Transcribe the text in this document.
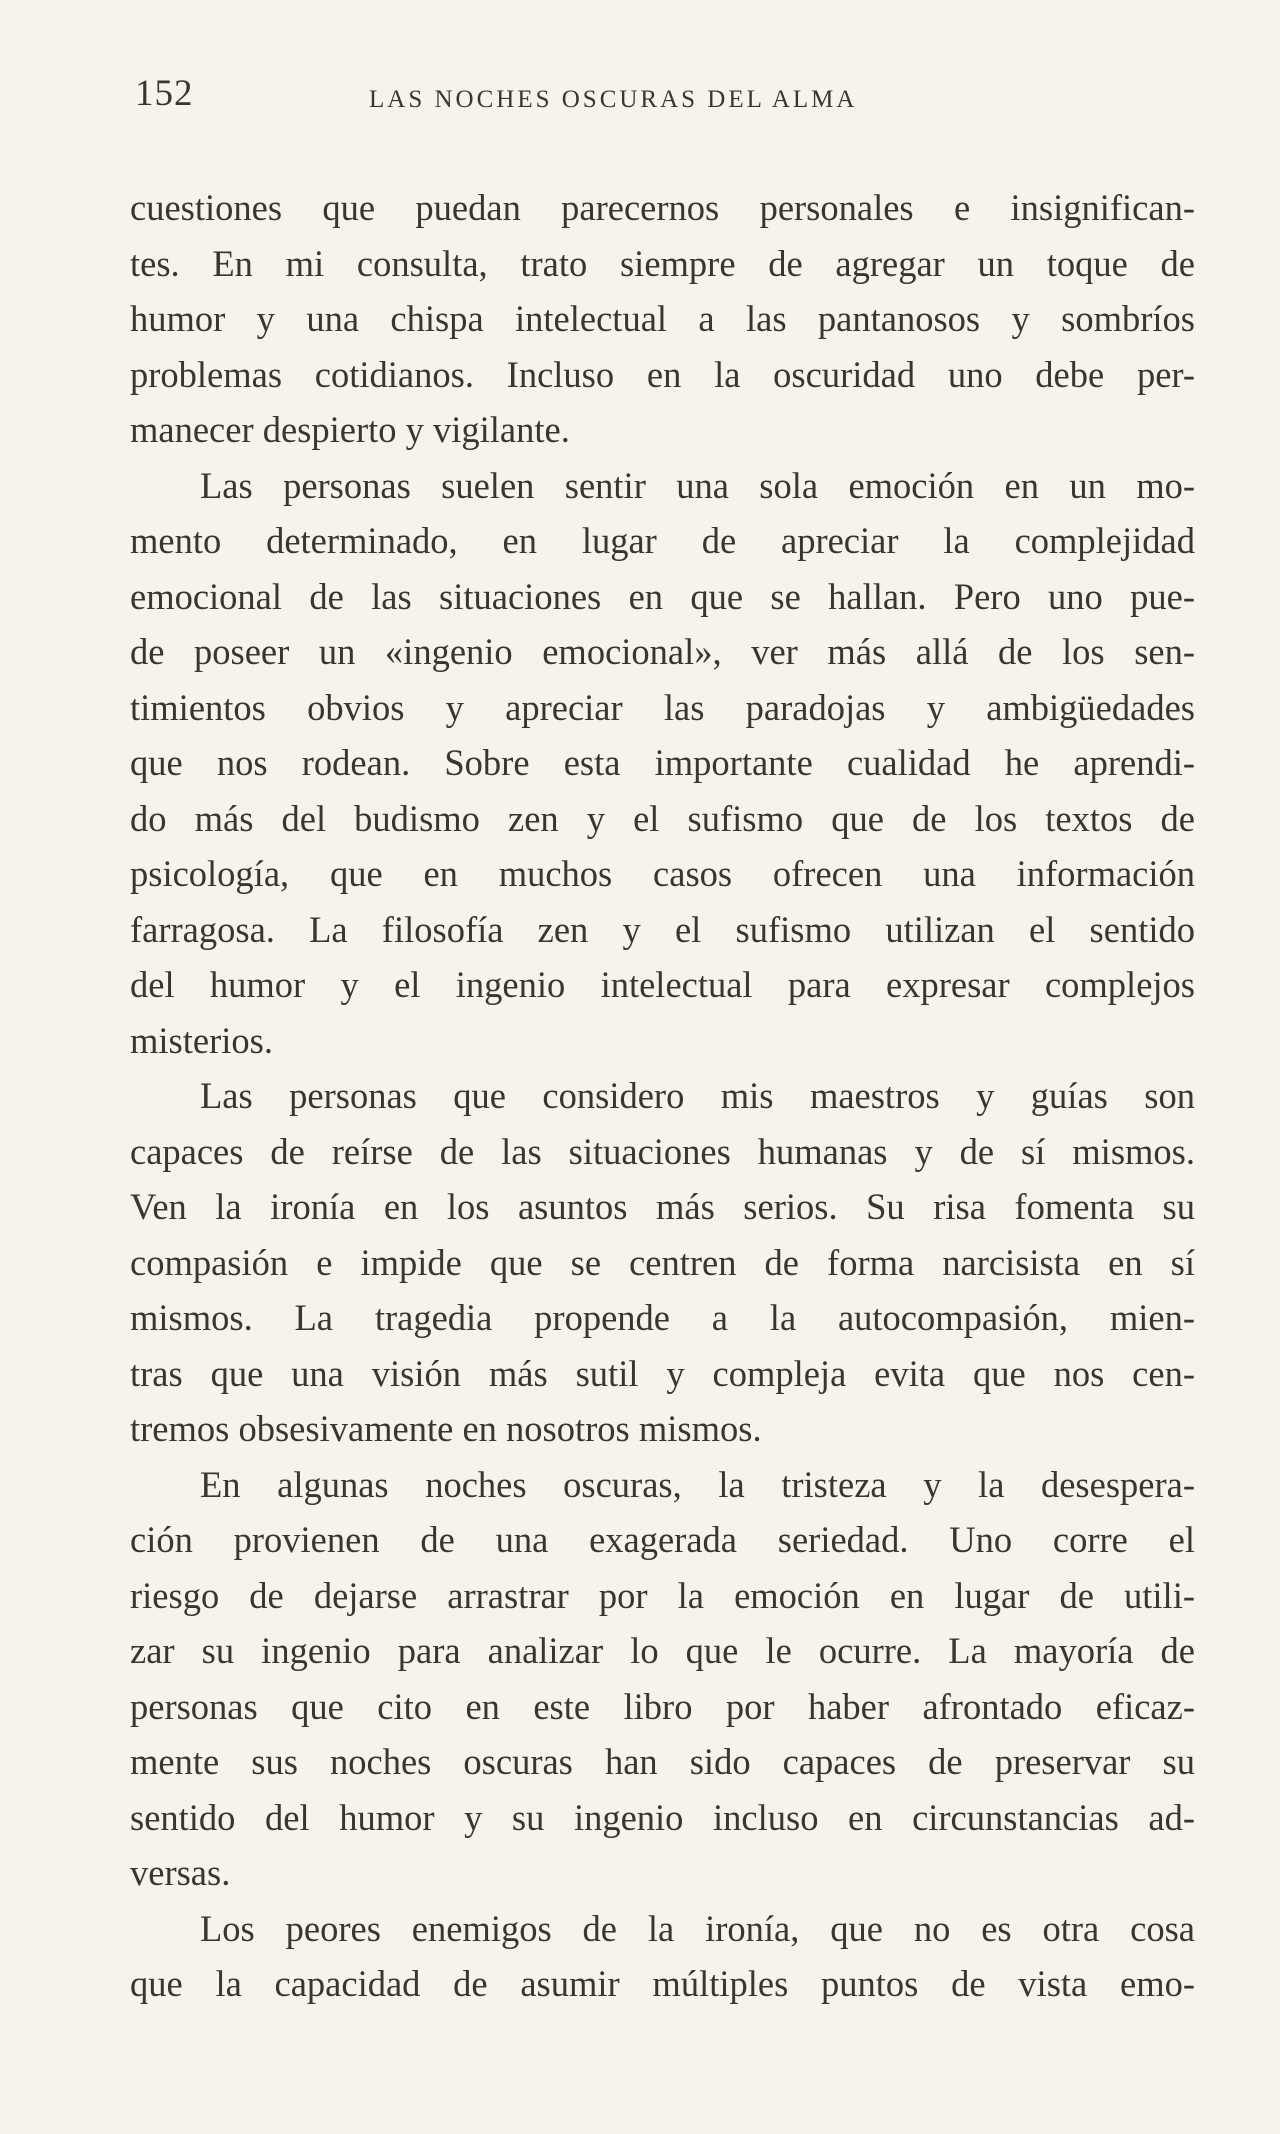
152	LAS NOCHES OSCURAS DEL ALMA
cuestiones que puedan parecernos personales e insignifican-
tes. En mi consulta, trato siempre de agregar un toque de
humor y una chispa intelectual a las pantanosos y sombríos
problemas cotidianos. Incluso en la oscuridad uno debe per-
manecer despierto y vigilante.
Las personas suelen sentir una sola emoción en un mo-
mento determinado, en lugar de apreciar la complejidad
emocional de las situaciones en que se hallan. Pero uno pue-
de poseer un «ingenio emocional», ver más allá de los sen-
timientos obvios y apreciar las paradojas y ambigüedades
que nos rodean. Sobre esta importante cualidad he aprendi-
do más del budismo zen y el sufismo que de los textos de
psicología, que en muchos casos ofrecen una información
farragosa. La filosofía zen y el sufismo utilizan el sentido
del humor y el ingenio intelectual para expresar complejos
misterios.
Las personas que considero mis maestros y guías son
capaces de reírse de las situaciones humanas y de sí mismos.
Ven la ironía en los asuntos más serios. Su risa fomenta su
compasión e impide que se centren de forma narcisista en sí
mismos. La tragedia propende a la autocompasión, mien-
tras que una visión más sutil y compleja evita que nos cen-
tremos obsesivamente en nosotros mismos.
En algunas noches oscuras, la tristeza y la desespera-
ción provienen de una exagerada seriedad. Uno corre el
riesgo de dejarse arrastrar por la emoción en lugar de utili-
zar su ingenio para analizar lo que le ocurre. La mayoría de
personas que cito en este libro por haber afrontado eficaz-
mente sus noches oscuras han sido capaces de preservar su
sentido del humor y su ingenio incluso en circunstancias ad-
versas.
Los peores enemigos de la ironía, que no es otra cosa
que la capacidad de asumir múltiples puntos de vista emo-
